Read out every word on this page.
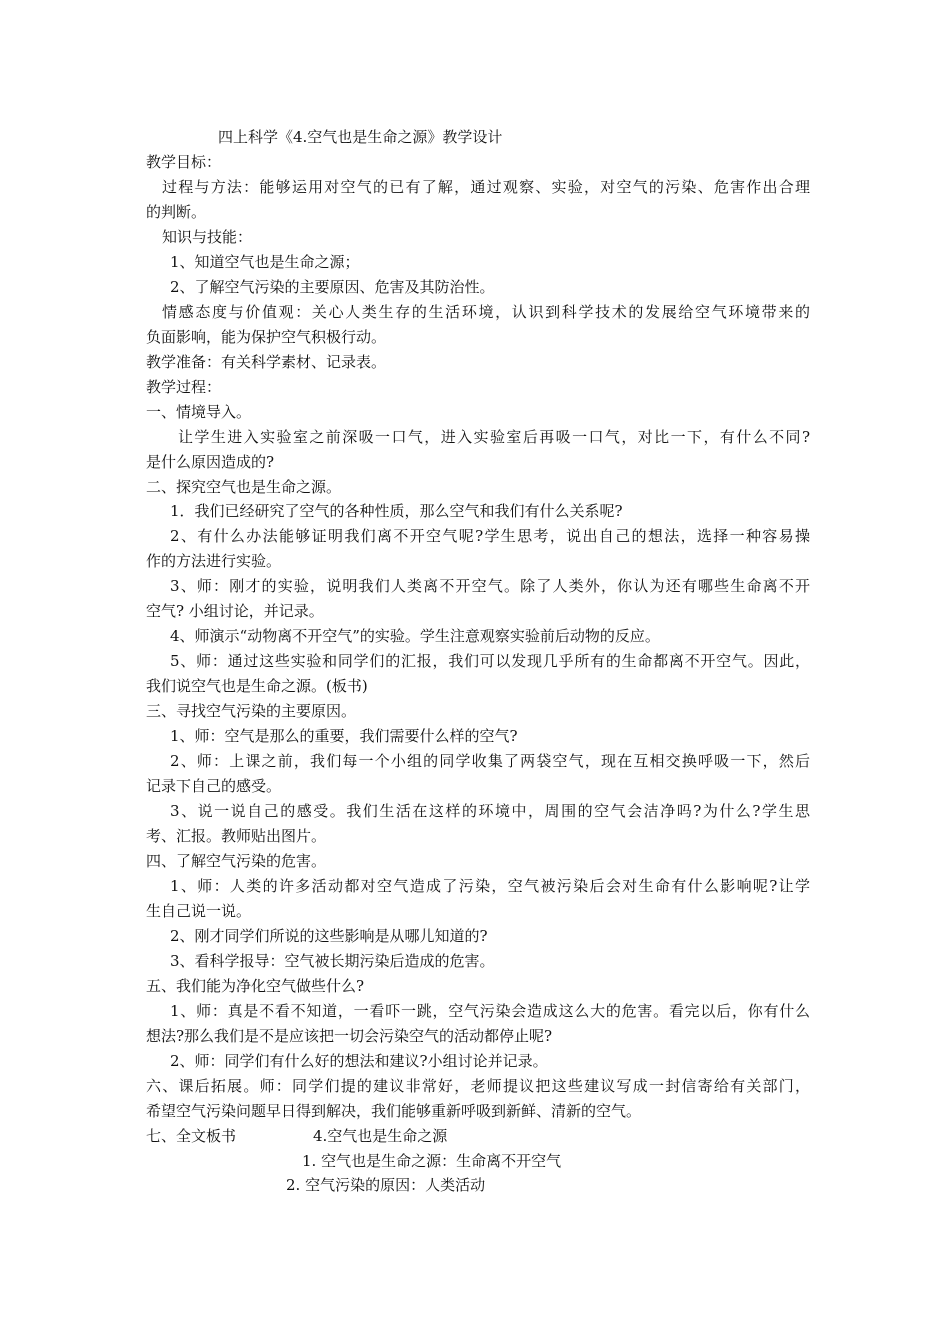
四上科学《4.空气也是生命之源》教学设计
教学目标：
过程与方法：能够运用对空气的已有了解，通过观察、实验，对空气的污染、危害作出合理
的判断。
知识与技能：
1、知道空气也是生命之源；
2、了解空气污染的主要原因、危害及其防治性。
情感态度与价值观：关心人类生存的生活环境，认识到科学技术的发展给空气环境带来的
负面影响，能为保护空气积极行动。
教学准备：有关科学素材、记录表。
教学过程：
一、情境导入。
让学生进入实验室之前深吸一口气，进入实验室后再吸一口气，对比一下，有什么不同?
是什么原因造成的?
二、探究空气也是生命之源。
1．我们已经研究了空气的各种性质，那么空气和我们有什么关系呢?
2、有什么办法能够证明我们离不开空气呢?学生思考，说出自己的想法，选择一种容易操
作的方法进行实验。
3、师：刚才的实验，说明我们人类离不开空气。除了人类外，你认为还有哪些生命离不开
空气? 小组讨论，并记录。
4、师演示“动物离不开空气”的实验。学生注意观察实验前后动物的反应。
5、师：通过这些实验和同学们的汇报，我们可以发现几乎所有的生命都离不开空气。因此，
我们说空气也是生命之源。(板书)
三、寻找空气污染的主要原因。
1、师：空气是那么的重要，我们需要什么样的空气?
2、师：上课之前，我们每一个小组的同学收集了两袋空气，现在互相交换呼吸一下，然后
记录下自己的感受。
3、说一说自己的感受。我们生活在这样的环境中，周围的空气会洁净吗?为什么?学生思
考、汇报。教师贴出图片。
四、了解空气污染的危害。
1、师：人类的许多活动都对空气造成了污染，空气被污染后会对生命有什么影响呢?让学
生自己说一说。
2、刚才同学们所说的这些影响是从哪儿知道的?
3、看科学报导：空气被长期污染后造成的危害。
五、我们能为净化空气做些什么?
1、师：真是不看不知道，一看吓一跳，空气污染会造成这么大的危害。看完以后，你有什么
想法?那么我们是不是应该把一切会污染空气的活动都停止呢?
2、师：同学们有什么好的想法和建议?小组讨论并记录。
六、课后拓展。师：同学们提的建议非常好，老师提议把这些建议写成一封信寄给有关部门，
希望空气污染问题早日得到解决，我们能够重新呼吸到新鲜、清新的空气。
七、全文板书	4.空气也是生命之源
1. 空气也是生命之源：生命离不开空气
2. 空气污染的原因：人类活动
